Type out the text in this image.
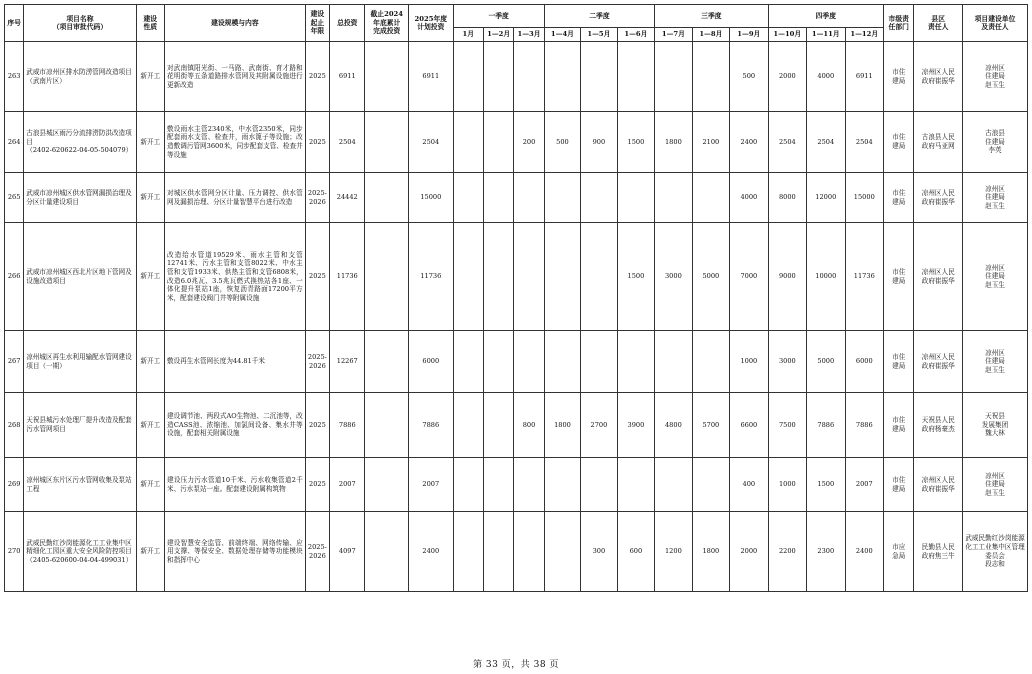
序号	项目名称
（项目审批代码）	建设
性质	建设规模与内容	建设
起止
年限	总投资	截止2024
年底累计
完成投资	2025年度
计划投资	一季度			二季度			三季度			四季度			市级责
任部门	县区
责任人	项目建设单位
及责任人
								1月	1—2月	1—3月	1—4月	1—5月	1—6月	1—7月	1—8月	1—9月	1—10月	1—11月	1—12月			
263	武威市凉州区排水防涝管网改造项目（武南片区）	新开工	对武南镇阳光街、一马路、武南街、育才路和花明街等五条道路排水管网及其附属设施进行更新改造	2025	6911		6911									500	2000	4000	6911	市住
建局	凉州区人民
政府崔振华	凉州区
住建局
赵玉生
264	古浪县城区雨污分流排涝防洪改造项目
（2402-620622-04-05-504079）	新开工	敷设雨水主管2340米，中水管2350米，同步配套雨水支管、检查井，雨水篦子等设施；改造敷调污管网3600米，同步配套支管、检查井等设施	2025	2504		2504			200	500	900	1500	1800	2100	2400	2504	2504	2504	市住
建局	古浪县人民
政府马亚网	古浪县
住建局
李英
265	武威市凉州城区供水管网漏损治理及分区计量建设项目	新开工	对城区供水管网分区计量、压力调控、供水管网及漏损治理、分区计量智慧平台进行改造	2025-
2026	24442		15000									4000	8000	12000	15000	市住
建局	凉州区人民
政府崔振华	凉州区
住建局
赵玉生
266	武威市凉州城区西北片区地下管网及设施改造项目	新开工	改造给水管道19529米、雨水主管和支管12741米、污水主管和支管8022米、中水主管和支管1933米、供热主管和支管6808米，改造6.0兆瓦、3.5兆瓦燃式换热站各1座、一体化提升泵站1座，恢复沥青路面17200平方米，配套建设阀门井等附属设施	2025	11736		11736						1500	3000	5000	7000	9000	10000	11736	市住
建局	凉州区人民
政府崔振华	凉州区
住建局
赵玉生
267	凉州城区再生水利用输配水管网建设项目（一期）	新开工	敷设再生水管网长度为44.81千米	2025-
2026	12267		6000									1000	3000	5000	6000	市住
建局	凉州区人民
政府崔振华	凉州区
住建局
赵玉生
268	天祝县城污水处理厂提升改造及配套污水管网项目	新开工	建设调节池、两段式AO生物池、二沉池等，改造CASS池、浓缩池、加氯间设备、集水井等设施，配套相关附属设施	2025	7886		7886			800	1800	2700	3900	4800	5700	6600	7500	7886	7886	市住
建局	天祝县人民
政府杨豪杰	天祝县
发展集团
魏大林
269	凉州城区东片区污水管网收集及泵站工程	新开工	建设压力污水管道10千米、污水收集管道2千米、污水泵站一座。配套建设附属构筑物	2025	2007		2007									400	1000	1500	2007	市住
建局	凉州区人民
政府崔振华	凉州区
住建局
赵玉生
270	武威民勤红沙岗能源化工工业集中区精细化工园区重大安全风险防控项目
（2405-620600-04-04-499031）	新开工	建设智慧安全监管、前端终端、网络传输、应用支撑、等保安全、数据处理存储等功能模块和指挥中心	2025-
2026	4097		2400					300	600	1200	1800	2000	2200	2300	2400	市应
急局	民勤县人民
政府焦三牛	武威民勤红沙岗能源化工工业集中区管理委员会
段志和
第 33 页，共 38 页
